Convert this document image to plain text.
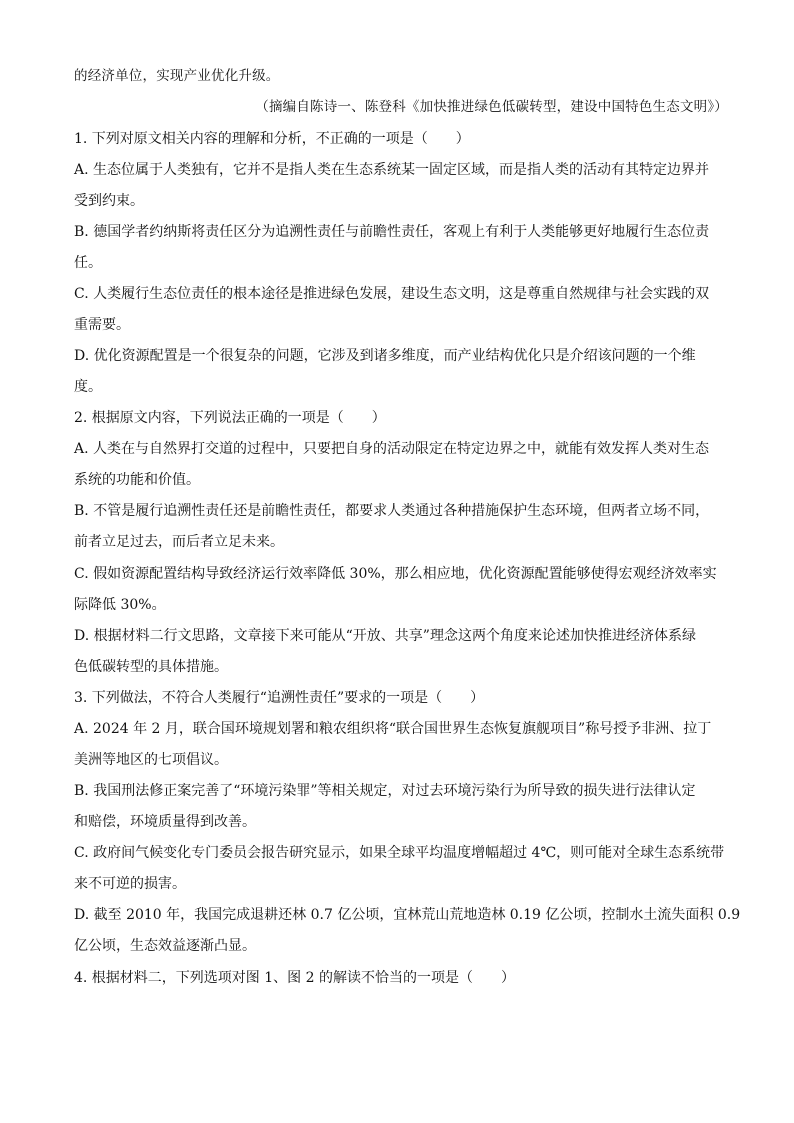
的经济单位，实现产业优化升级。
（摘编自陈诗一、陈登科《加快推进绿色低碳转型，建设中国特色生态文明》）
1. 下列对原文相关内容的理解和分析，不正确的一项是（　　）
A. 生态位属于人类独有，它并不是指人类在生态系统某一固定区域，而是指人类的活动有其特定边界并
受到约束。
B. 德国学者约纳斯将责任区分为追溯性责任与前瞻性责任，客观上有利于人类能够更好地履行生态位责
任。
C. 人类履行生态位责任的根本途径是推进绿色发展，建设生态文明，这是尊重自然规律与社会实践的双
重需要。
D. 优化资源配置是一个很复杂的问题，它涉及到诸多维度，而产业结构优化只是介绍该问题的一个维
度。
2. 根据原文内容，下列说法正确的一项是（　　）
A. 人类在与自然界打交道的过程中，只要把自身的活动限定在特定边界之中，就能有效发挥人类对生态
系统的功能和价值。
B. 不管是履行追溯性责任还是前瞻性责任，都要求人类通过各种措施保护生态环境，但两者立场不同，
前者立足过去，而后者立足未来。
C. 假如资源配置结构导致经济运行效率降低 30%，那么相应地，优化资源配置能够使得宏观经济效率实
际降低 30%。
D. 根据材料二行文思路，文章接下来可能从“开放、共享”理念这两个角度来论述加快推进经济体系绿
色低碳转型的具体措施。
3. 下列做法，不符合人类履行“追溯性责任”要求的一项是（　　）
A. 2024 年 2 月，联合国环境规划署和粮农组织将“联合国世界生态恢复旗舰项目”称号授予非洲、拉丁
美洲等地区的七项倡议。
B. 我国刑法修正案完善了“环境污染罪”等相关规定，对过去环境污染行为所导致的损失进行法律认定
和赔偿，环境质量得到改善。
C. 政府间气候变化专门委员会报告研究显示，如果全球平均温度增幅超过 4℃，则可能对全球生态系统带
来不可逆的损害。
D. 截至 2010 年，我国完成退耕还林 0.7 亿公顷，宜林荒山荒地造林 0.19 亿公顷，控制水土流失面积 0.9
亿公顷，生态效益逐渐凸显。
4. 根据材料二，下列选项对图 1、图 2 的解读不恰当的一项是（　　）
